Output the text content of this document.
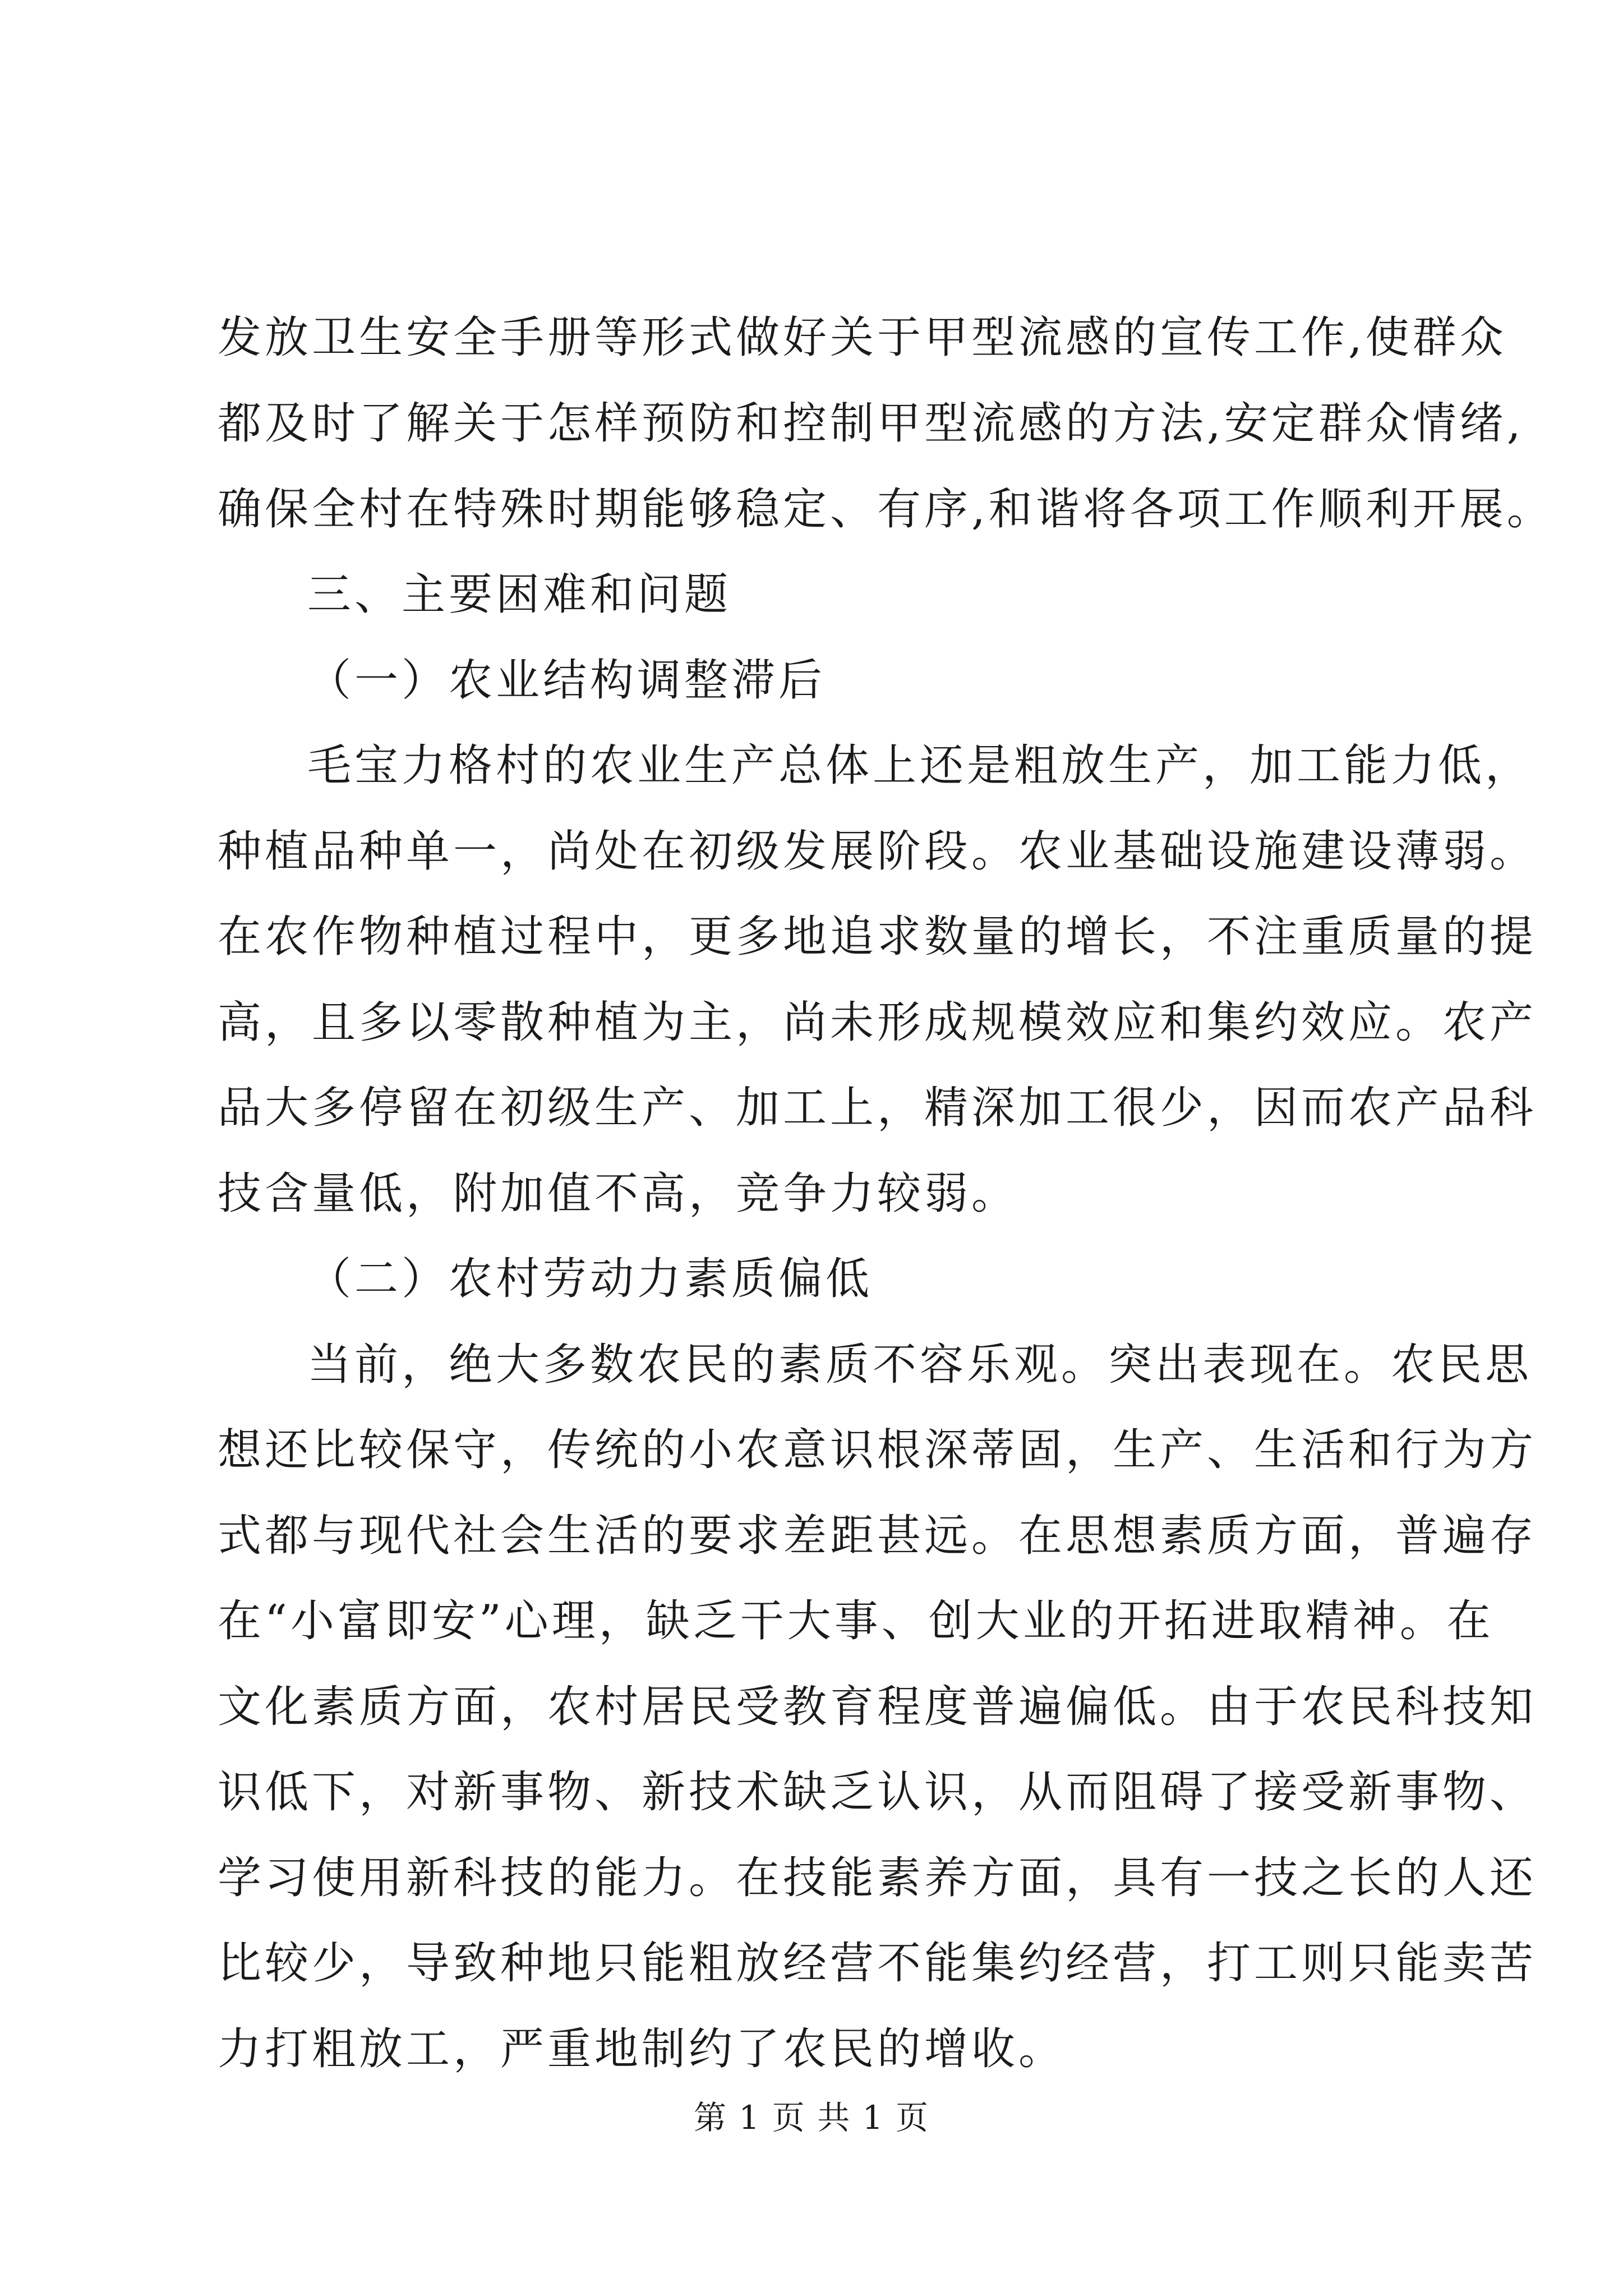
发放卫生安全手册等形式做好关于甲型流感的宣传工作,使群众
都及时了解关于怎样预防和控制甲型流感的方法,安定群众情绪,
确保全村在特殊时期能够稳定、有序,和谐将各项工作顺利开展。
三、主要困难和问题
（一）农业结构调整滞后
毛宝力格村的农业生产总体上还是粗放生产，加工能力低，
种植品种单一，尚处在初级发展阶段。农业基础设施建设薄弱。
在农作物种植过程中，更多地追求数量的增长，不注重质量的提
高，且多以零散种植为主，尚未形成规模效应和集约效应。农产
品大多停留在初级生产、加工上，精深加工很少，因而农产品科
技含量低，附加值不高，竞争力较弱。
（二）农村劳动力素质偏低
当前，绝大多数农民的素质不容乐观。突出表现在。农民思
想还比较保守，传统的小农意识根深蒂固，生产、生活和行为方
式都与现代社会生活的要求差距甚远。在思想素质方面，普遍存
在“小富即安”心理，缺乏干大事、创大业的开拓进取精神。在
文化素质方面，农村居民受教育程度普遍偏低。由于农民科技知
识低下，对新事物、新技术缺乏认识，从而阻碍了接受新事物、
学习使用新科技的能力。在技能素养方面，具有一技之长的人还
比较少，导致种地只能粗放经营不能集约经营，打工则只能卖苦
力打粗放工，严重地制约了农民的增收。
第 1 页 共 1 页
